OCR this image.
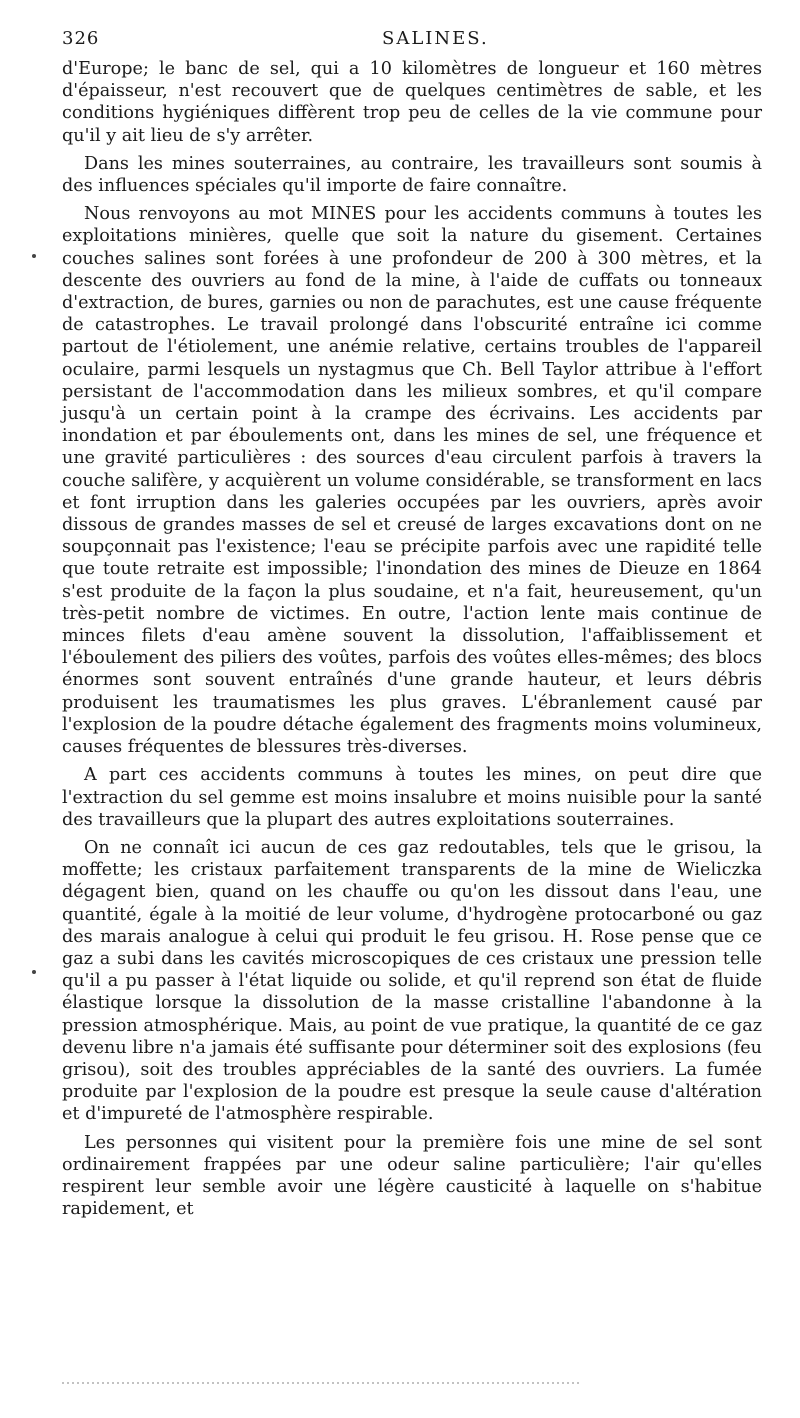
326	SALINES.

d'Europe; le banc de sel, qui a 10 kilomètres de longueur et 160 mètres d'épaisseur, n'est recouvert que de quelques centimètres de sable, et les conditions hygiéniques diffèrent trop peu de celles de la vie commune pour qu'il y ait lieu de s'y arrêter.

Dans les mines souterraines, au contraire, les travailleurs sont soumis à des influences spéciales qu'il importe de faire connaître.

Nous renvoyons au mot MINES pour les accidents communs à toutes les exploitations minières, quelle que soit la nature du gisement. Certaines couches salines sont forées à une profondeur de 200 à 300 mètres, et la descente des ouvriers au fond de la mine, à l'aide de cuffats ou tonneaux d'extraction, de bures, garnies ou non de parachutes, est une cause fréquente de catastrophes. Le travail prolongé dans l'obscurité entraîne ici comme partout de l'étiolement, une anémie relative, certains troubles de l'appareil oculaire, parmi lesquels un nystagmus que Ch. Bell Taylor attribue à l'effort persistant de l'accommodation dans les milieux sombres, et qu'il compare jusqu'à un certain point à la crampe des écrivains. Les accidents par inondation et par éboulements ont, dans les mines de sel, une fréquence et une gravité particulières : des sources d'eau circulent parfois à travers la couche salifère, y acquièrent un volume considérable, se transforment en lacs et font irruption dans les galeries occupées par les ouvriers, après avoir dissous de grandes masses de sel et creusé de larges excavations dont on ne soupçonnait pas l'existence; l'eau se précipite parfois avec une rapidité telle que toute retraite est impossible; l'inondation des mines de Dieuze en 1864 s'est produite de la façon la plus soudaine, et n'a fait, heureusement, qu'un très-petit nombre de victimes. En outre, l'action lente mais continue de minces filets d'eau amène souvent la dissolution, l'affaiblissement et l'éboulement des piliers des voûtes, parfois des voûtes elles-mêmes; des blocs énormes sont souvent entraînés d'une grande hauteur, et leurs débris produisent les traumatismes les plus graves. L'ébranlement causé par l'explosion de la poudre détache également des fragments moins volumineux, causes fréquentes de blessures très-diverses.

A part ces accidents communs à toutes les mines, on peut dire que l'extraction du sel gemme est moins insalubre et moins nuisible pour la santé des travailleurs que la plupart des autres exploitations souterraines.

On ne connaît ici aucun de ces gaz redoutables, tels que le grisou, la moffette; les cristaux parfaitement transparents de la mine de Wieliczka dégagent bien, quand on les chauffe ou qu'on les dissout dans l'eau, une quantité, égale à la moitié de leur volume, d'hydrogène protocarboné ou gaz des marais analogue à celui qui produit le feu grisou. H. Rose pense que ce gaz a subi dans les cavités microscopiques de ces cristaux une pression telle qu'il a pu passer à l'état liquide ou solide, et qu'il reprend son état de fluide élastique lorsque la dissolution de la masse cristalline l'abandonne à la pression atmosphérique. Mais, au point de vue pratique, la quantité de ce gaz devenu libre n'a jamais été suffisante pour déterminer soit des explosions (feu grisou), soit des troubles appréciables de la santé des ouvriers. La fumée produite par l'explosion de la poudre est presque la seule cause d'altération et d'impureté de l'atmosphère respirable.

Les personnes qui visitent pour la première fois une mine de sel sont ordinairement frappées par une odeur saline particulière; l'air qu'elles respirent leur semble avoir une légère causticité à laquelle on s'habitue rapidement, et
